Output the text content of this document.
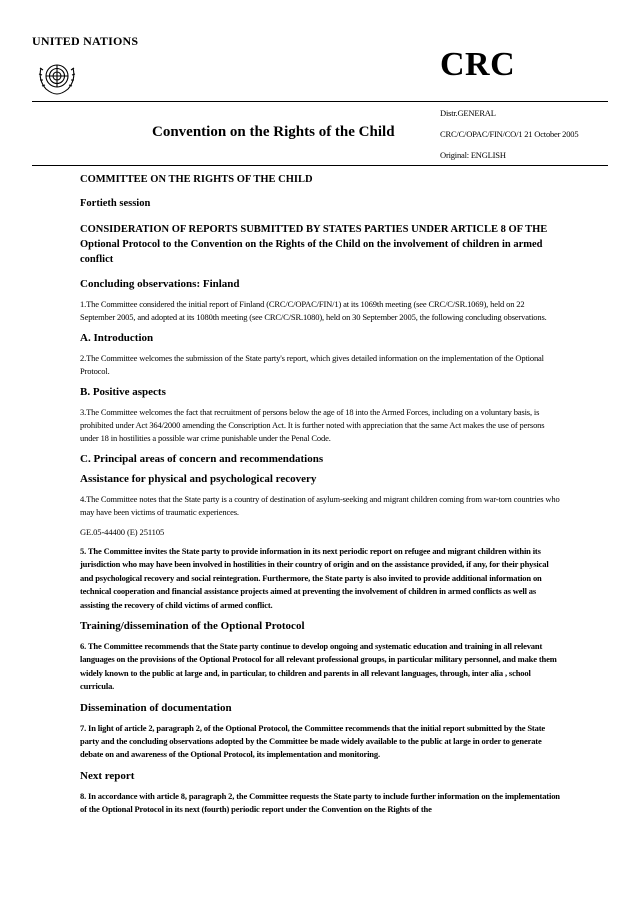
UNITED NATIONS
CRC
Convention on the Rights of the Child
Distr.GENERAL
CRC/C/OPAC/FIN/CO/1 21 October 2005
Original: ENGLISH
COMMITTEE ON THE RIGHTS OF THE CHILD
Fortieth session
CONSIDERATION OF REPORTS SUBMITTED BY STATES PARTIES UNDER ARTICLE 8 OF THE Optional Protocol to the Convention on the Rights of the Child on the involvement of children in armed conflict
Concluding observations: Finland
1.The Committee considered the initial report of Finland (CRC/C/OPAC/FIN/1) at its 1069th meeting (see CRC/C/SR.1069), held on 22 September 2005, and adopted at its 1080th meeting (see CRC/C/SR.1080), held on 30 September 2005, the following concluding observations.
A. Introduction
2.The Committee welcomes the submission of the State party's report, which gives detailed information on the implementation of the Optional Protocol.
B. Positive aspects
3.The Committee welcomes the fact that recruitment of persons below the age of 18 into the Armed Forces, including on a voluntary basis, is prohibited under Act 364/2000 amending the Conscription Act. It is further noted with appreciation that the same Act makes the use of persons under 18 in hostilities a possible war crime punishable under the Penal Code.
C. Principal areas of concern and recommendations
Assistance for physical and psychological recovery
4.The Committee notes that the State party is a country of destination of asylum-seeking and migrant children coming from war-torn countries who may have been victims of traumatic experiences.
GE.05-44400 (E) 251105
5. The Committee invites the State party to provide information in its next periodic report on refugee and migrant children within its jurisdiction who may have been involved in hostilities in their country of origin and on the assistance provided, if any, for their physical and psychological recovery and social reintegration. Furthermore, the State party is also invited to provide additional information on technical cooperation and financial assistance projects aimed at preventing the involvement of children in armed conflicts as well as assisting the recovery of child victims of armed conflict.
Training/dissemination of the Optional Protocol
6. The Committee recommends that the State party continue to develop ongoing and systematic education and training in all relevant languages on the provisions of the Optional Protocol for all relevant professional groups, in particular military personnel, and make them widely known to the public at large and, in particular, to children and parents in all relevant languages, through, inter alia , school curricula.
Dissemination of documentation
7. In light of article 2, paragraph 2, of the Optional Protocol, the Committee recommends that the initial report submitted by the State party and the concluding observations adopted by the Committee be made widely available to the public at large in order to generate debate on and awareness of the Optional Protocol, its implementation and monitoring.
Next report
8. In accordance with article 8, paragraph 2, the Committee requests the State party to include further information on the implementation of the Optional Protocol in its next (fourth) periodic report under the Convention on the Rights of the
